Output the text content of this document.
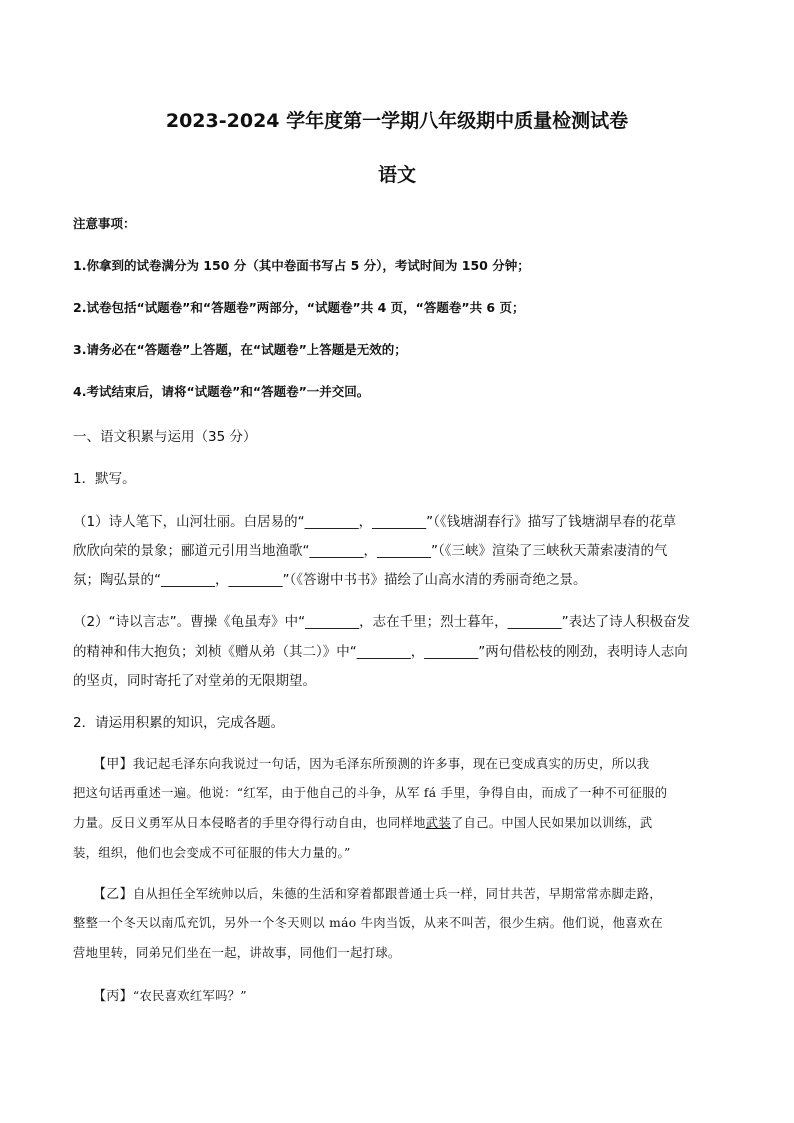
2023-2024 学年度第一学期八年级期中质量检测试卷
语文
注意事项：
1.你拿到的试卷满分为 150 分（其中卷面书写占 5 分），考试时间为 150 分钟；
2.试卷包括“试题卷”和“答题卷”两部分，“试题卷”共 4 页，“答题卷”共 6 页；
3.请务必在“答题卷”上答题，在“试题卷”上答题是无效的；
4.考试结束后，请将“试题卷”和“答题卷”一并交回。
一、语文积累与运用（35 分）
1．默写。
（1）诗人笔下，山河壮丽。白居易的“________，________”（《钱塘湖春行》描写了钱塘湖早春的花草
欣欣向荣的景象；郦道元引用当地渔歌“________，________”（《三峡》渲染了三峡秋天萧索凄清的气
氛；陶弘景的“________，________”（《答谢中书书》描绘了山高水清的秀丽奇绝之景。
（2）“诗以言志”。曹操《龟虽寿》中“________，志在千里；烈士暮年，________”表达了诗人积极奋发
的精神和伟大抱负；刘桢《赠从弟（其二）》中“________，________”两句借松枝的刚劲，表明诗人志向
的坚贞，同时寄托了对堂弟的无限期望。
2．请运用积累的知识，完成各题。
【甲】我记起毛泽东向我说过一句话，因为毛泽东所预测的许多事，现在已变成真实的历史，所以我
把这句话再重述一遍。他说：“红军，由于他自己的斗争，从军 fá 手里，争得自由，而成了一种不可征服的
力量。反日义勇军从日本侵略者的手里夺得行动自由，也同样地武装了自己。中国人民如果加以训练，武
装，组织，他们也会变成不可征服的伟大力量的。”
【乙】自从担任全军统帅以后，朱德的生活和穿着都跟普通士兵一样，同甘共苦，早期常常赤脚走路，
整整一个冬天以南瓜充饥，另外一个冬天则以 máo 牛肉当饭，从来不叫苦，很少生病。他们说，他喜欢在
营地里转，同弟兄们坐在一起，讲故事，同他们一起打球。
【丙】“农民喜欢红军吗？”
